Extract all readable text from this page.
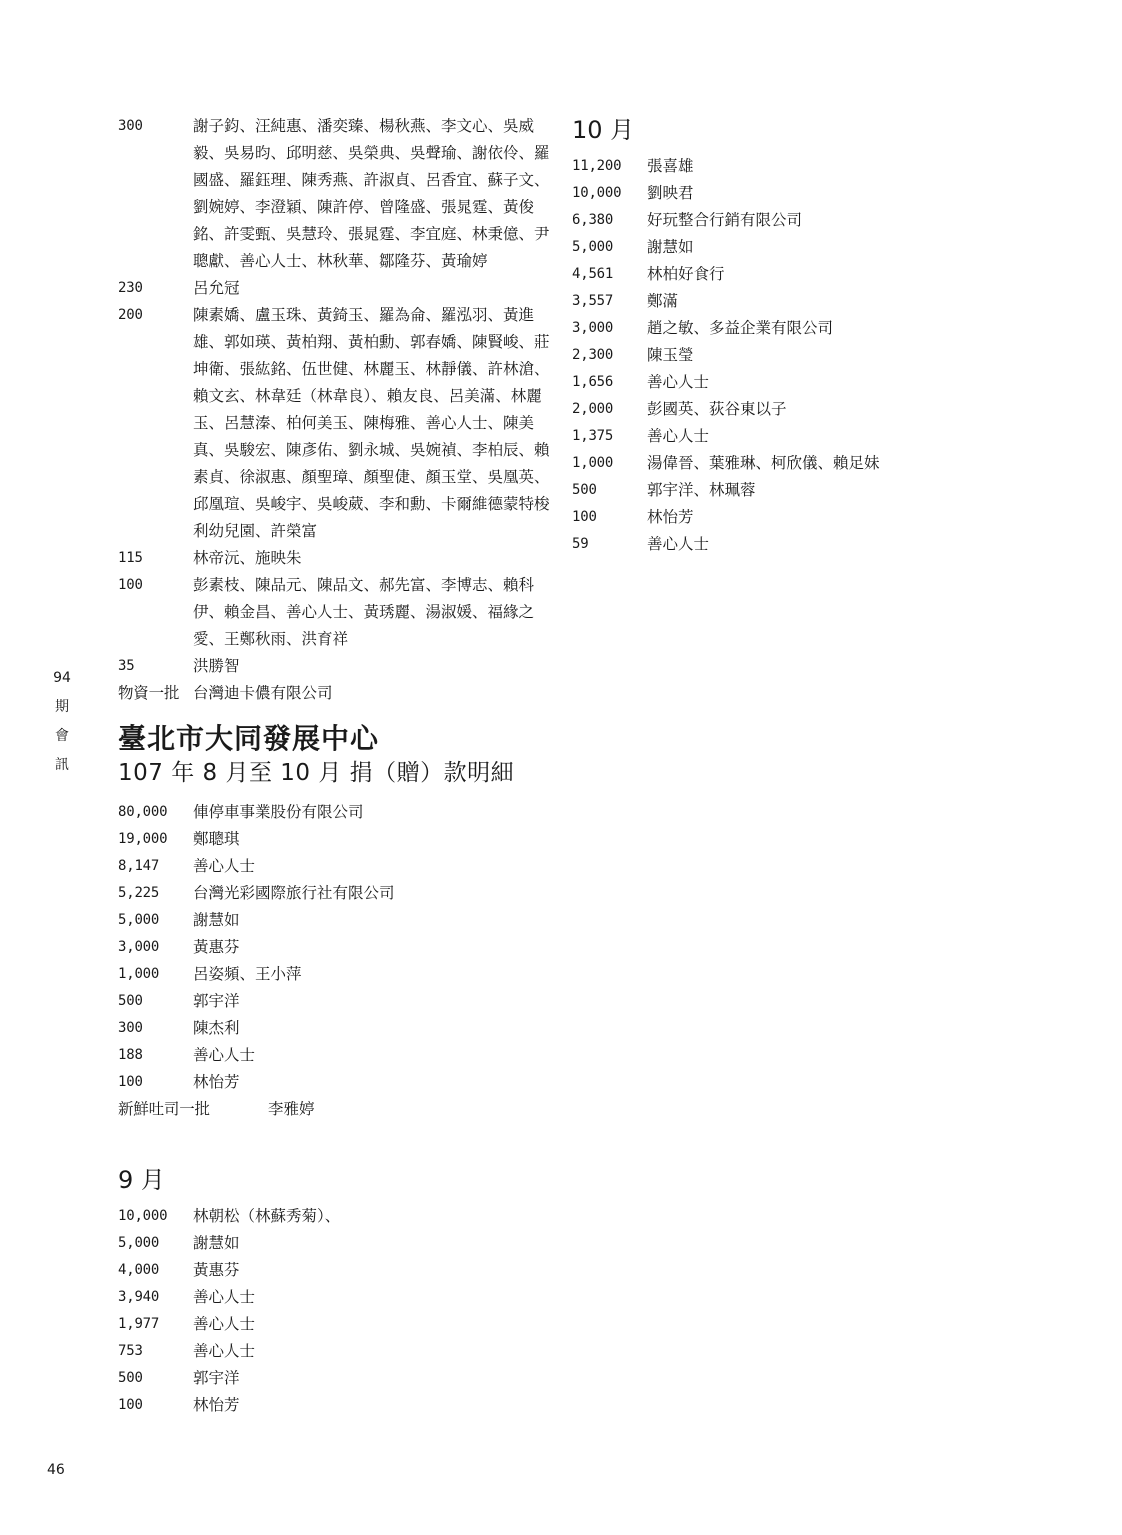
94
期
會
訊
46
300	謝子鈞、汪純惠、潘奕臻、楊秋燕、李文心、吳威毅、吳易昀、邱明慈、吳榮典、吳聲瑜、謝依伶、羅國盛、羅鈺理、陳秀燕、許淑貞、呂香宜、蘇子文、劉婉婷、李澄穎、陳許停、曾隆盛、張晁霆、黃俊銘、許雯甄、吳慧玲、張晁霆、李宜庭、林秉億、尹聰獻、善心人士、林秋華、鄒隆芬、黃瑜婷
230	呂允冠
200	陳素嬌、盧玉珠、黃錡玉、羅為侖、羅泓羽、黃進雄、郭如瑛、黃柏翔、黃柏勳、郭春嬌、陳賢峻、莊坤衛、張紘銘、伍世健、林麗玉、林靜儀、許林滄、賴文玄、林韋廷（林韋良）、賴友良、呂美滿、林麗玉、呂慧溱、柏何美玉、陳梅雅、善心人士、陳美真、吳駿宏、陳彥佑、劉永城、吳婉禎、李柏辰、賴素貞、徐淑惠、顏聖璋、顏聖倢、顏玉堂、吳凰英、邱凰瑄、吳峻宇、吳峻葳、李和勳、卡爾維德蒙特梭利幼兒園、許榮富
115	林帝沅、施映朱
100	彭素枝、陳品元、陳品文、郝先富、李博志、賴科伊、賴金昌、善心人士、黃琇麗、湯淑媛、福緣之愛、王鄭秋雨、洪育祥
35	洪勝智
物資一批 台灣迪卡儂有限公司
臺北市大同發展中心
107 年 8 月至 10 月 捐（贈）款明細
80,000	俥停車事業股份有限公司
19,000	鄭聰琪
8,147	善心人士
5,225	台灣光彩國際旅行社有限公司
5,000	謝慧如
3,000	黃惠芬
1,000	呂姿頻、王小萍
500	郭宇洋
300	陳杰利
188	善心人士
100	林怡芳
新鮮吐司一批	李雅婷
9 月
10,000	林朝松（林蘇秀菊）、
5,000	謝慧如
4,000	黃惠芬
3,940	善心人士
1,977	善心人士
753	善心人士
500	郭宇洋
100	林怡芳
10 月
11,200	張喜雄
10,000	劉映君
6,380	好玩整合行銷有限公司
5,000	謝慧如
4,561	林柏好食行
3,557	鄭滿
3,000	趙之敏、多益企業有限公司
2,300	陳玉瑩
1,656	善心人士
2,000	彭國英、荻谷東以子
1,375	善心人士
1,000	湯偉晉、葉雅琳、柯欣儀、賴足妹
500	郭宇洋、林珮蓉
100	林怡芳
59	善心人士
